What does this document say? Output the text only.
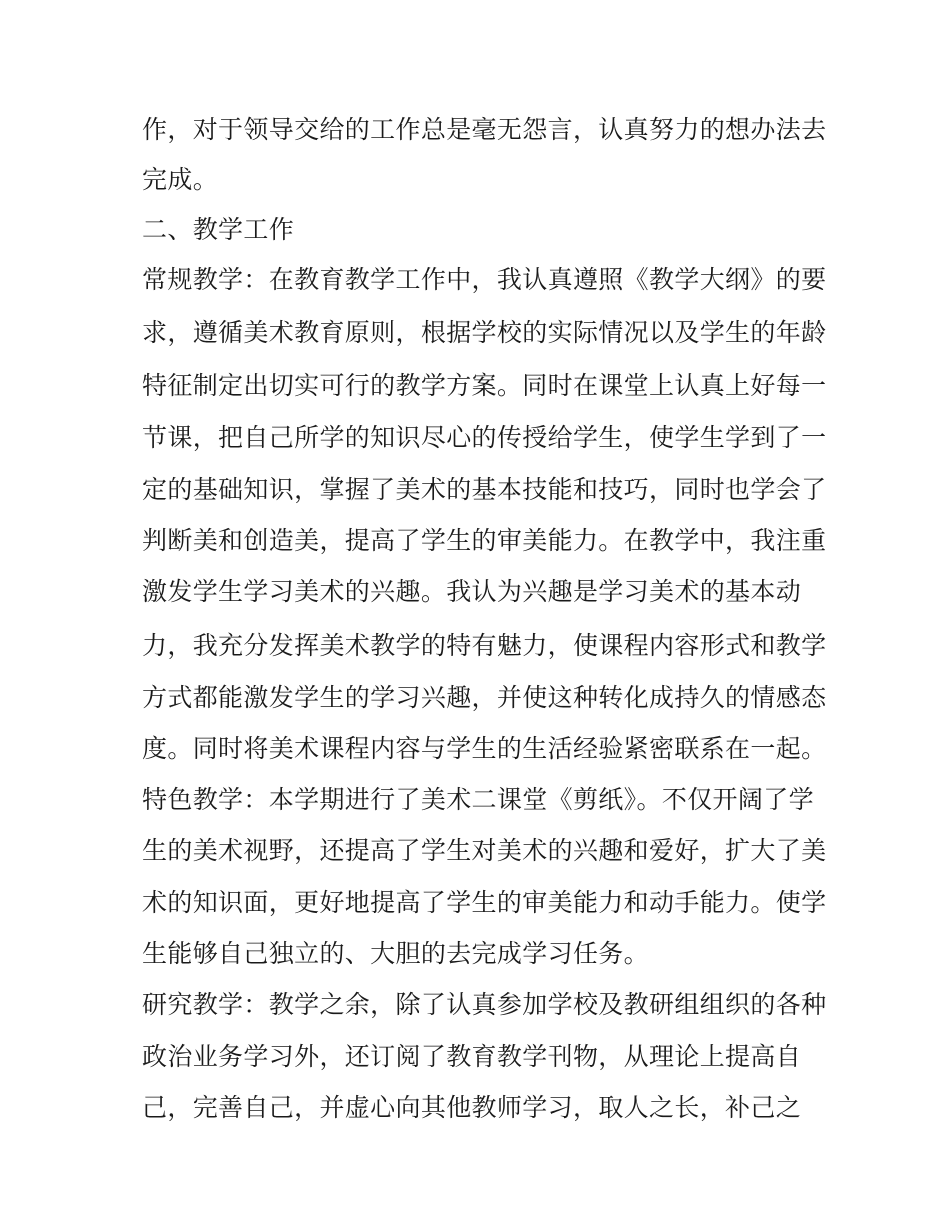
作，对于领导交给的工作总是毫无怨言，认真努力的想办法去
完成。
二、教学工作
常规教学：在教育教学工作中，我认真遵照《教学大纲》的要
求，遵循美术教育原则，根据学校的实际情况以及学生的年龄
特征制定出切实可行的教学方案。同时在课堂上认真上好每一
节课，把自己所学的知识尽心的传授给学生，使学生学到了一
定的基础知识，掌握了美术的基本技能和技巧，同时也学会了
判断美和创造美，提高了学生的审美能力。在教学中，我注重
激发学生学习美术的兴趣。我认为兴趣是学习美术的基本动
力，我充分发挥美术教学的特有魅力，使课程内容形式和教学
方式都能激发学生的学习兴趣，并使这种转化成持久的情感态
度。同时将美术课程内容与学生的生活经验紧密联系在一起。
特色教学：本学期进行了美术二课堂《剪纸》。不仅开阔了学
生的美术视野，还提高了学生对美术的兴趣和爱好，扩大了美
术的知识面，更好地提高了学生的审美能力和动手能力。使学
生能够自己独立的、大胆的去完成学习任务。
研究教学：教学之余，除了认真参加学校及教研组组织的各种
政治业务学习外，还订阅了教育教学刊物，从理论上提高自
己，完善自己，并虚心向其他教师学习，取人之长，补己之
